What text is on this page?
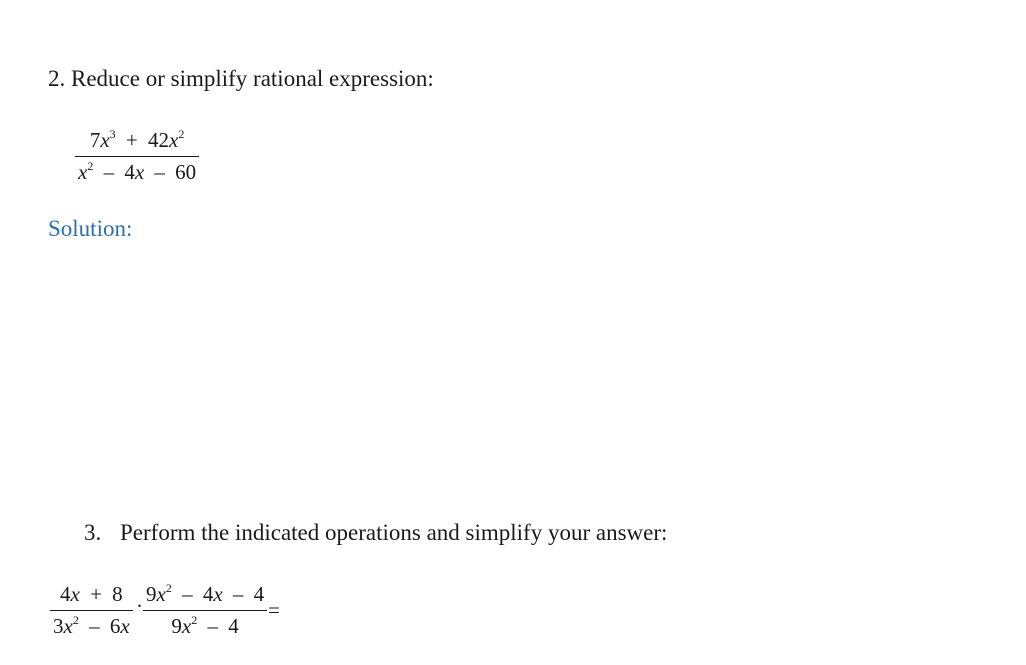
2. Reduce or simplify rational expression:
$7x^3 + 42x^2$
$x^2 - 4x - 60$
Solution:
3. Perform the indicated operations and simplify your answer:
4x + 8
$3x^2 - 6x$
· $9x^2 - 4x - 4$
$9x^2 - 4$
=
